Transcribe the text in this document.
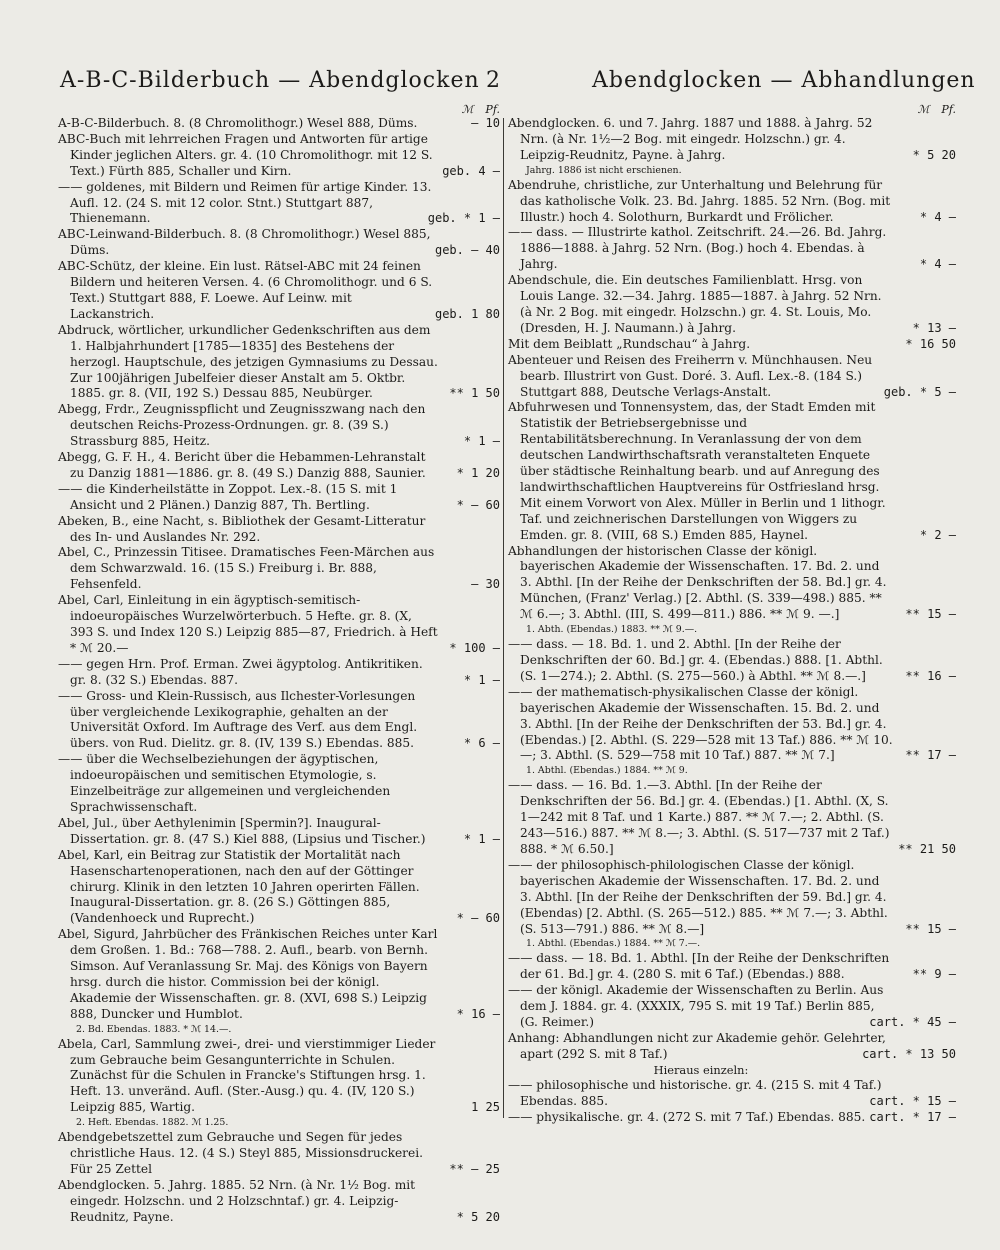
A-B-C-Bilderbuch — Abendglocken 2	Abendglocken — Abhandlungen
ℳ Pf.

A-B-C-Bilderbuch. 8. (8 Chromolithogr.) Wesel 888, Düms.	— 10

ABC-Buch mit lehrreichen Fragen und Antworten für artige Kinder jeglichen Alters. gr. 4. (10 Chromolithogr. mit 12 S. Text.) Fürth 885, Schaller und Kirn.	geb. 4 —

—— goldenes, mit Bildern und Reimen für artige Kinder. 13. Aufl. 12. (24 S. mit 12 color. Stnt.) Stuttgart 887, Thienemann.	geb. * 1 —

ABC-Leinwand-Bilderbuch. 8. (8 Chromolithogr.) Wesel 885, Düms.	geb. — 40

ABC-Schütz, der kleine. Ein lust. Rätsel-ABC mit 24 feinen Bildern und heiteren Versen. 4. (6 Chromolithogr. und 6 S. Text.) Stuttgart 888, F. Loewe. Auf Leinw. mit Lackanstrich.	geb. 1 80

Abdruck, wörtlicher, urkundlicher Gedenkschriften aus dem 1. Halbjahrhundert [1785—1835] des Bestehens der herzogl. Hauptschule, des jetzigen Gymnasiums zu Dessau. Zur 100jährigen Jubelfeier dieser Anstalt am 5. Oktbr. 1885. gr. 8. (VII, 192 S.) Dessau 885, Neubürger.	** 1 50

Abegg, Frdr., Zeugnisspflicht und Zeugnisszwang nach den deutschen Reichs-Prozess-Ordnungen. gr. 8. (39 S.) Strassburg 885, Heitz.	* 1 —

Abegg, G. F. H., 4. Bericht über die Hebammen-Lehranstalt zu Danzig 1881—1886. gr. 8. (49 S.) Danzig 888, Saunier.	* 1 20

—— die Kinderheilstätte in Zoppot. Lex.-8. (15 S. mit 1 Ansicht und 2 Plänen.) Danzig 887, Th. Bertling.	* — 60

Abeken, B., eine Nacht, s. Bibliothek der Gesamt-Litteratur des In- und Auslandes Nr. 292.

Abel, C., Prinzessin Titisee. Dramatisches Feen-Märchen aus dem Schwarzwald. 16. (15 S.) Freiburg i. Br. 888, Fehsenfeld.	— 30

Abel, Carl, Einleitung in ein ägyptisch-semitisch-indoeuropäisches Wurzelwörterbuch. 5 Hefte. gr. 8. (X, 393 S. und Index 120 S.) Leipzig 885—87, Friedrich. à Heft * ℳ 20.—	* 100 —

—— gegen Hrn. Prof. Erman. Zwei ägyptolog. Antikritiken. gr. 8. (32 S.) Ebendas. 887.	* 1 —

—— Gross- und Klein-Russisch, aus Ilchester-Vorlesungen über vergleichende Lexikographie, gehalten an der Universität Oxford. Im Auftrage des Verf. aus dem Engl. übers. von Rud. Dielitz. gr. 8. (IV, 139 S.) Ebendas. 885.	* 6 —

—— über die Wechselbeziehungen der ägyptischen, indoeuropäischen und semitischen Etymologie, s. Einzelbeiträge zur allgemeinen und vergleichenden Sprachwissenschaft.

Abel, Jul., über Aethylenimin [Spermin?]. Inaugural-Dissertation. gr. 8. (47 S.) Kiel 888, (Lipsius und Tischer.)	* 1 —

Abel, Karl, ein Beitrag zur Statistik der Mortalität nach Hasenschartenoperationen, nach den auf der Göttinger chirurg. Klinik in den letzten 10 Jahren operirten Fällen. Inaugural-Dissertation. gr. 8. (26 S.) Göttingen 885, (Vandenhoeck und Ruprecht.)	* — 60

Abel, Sigurd, Jahrbücher des Fränkischen Reiches unter Karl dem Großen. 1. Bd.: 768—788. 2. Aufl., bearb. von Bernh. Simson. Auf Veranlassung Sr. Maj. des Königs von Bayern hrsg. durch die histor. Commission bei der königl. Akademie der Wissenschaften. gr. 8. (XVI, 698 S.) Leipzig 888, Duncker und Humblot.	* 16 —

2. Bd. Ebendas. 1883. * ℳ 14.—.

Abela, Carl, Sammlung zwei-, drei- und vierstimmiger Lieder zum Gebrauche beim Gesangunterrichte in Schulen. Zunächst für die Schulen in Francke's Stiftungen hrsg. 1. Heft. 13. unveränd. Aufl. (Ster.-Ausg.) qu. 4. (IV, 120 S.) Leipzig 885, Wartig.	1 25

2. Heft. Ebendas. 1882. ℳ 1.25.

Abendgebetszettel zum Gebrauche und Segen für jedes christliche Haus. 12. (4 S.) Steyl 885, Missionsdruckerei. Für 25 Zettel	** — 25

Abendglocken. 5. Jahrg. 1885. 52 Nrn. (à Nr. 1½ Bog. mit eingedr. Holzschn. und 2 Holzschntaf.) gr. 4. Leipzig-Reudnitz, Payne.	* 5 20

ℳ Pf.

Abendglocken. 6. und 7. Jahrg. 1887 und 1888. à Jahrg. 52 Nrn. (à Nr. 1½—2 Bog. mit eingedr. Holzschn.) gr. 4. Leipzig-Reudnitz, Payne. à Jahrg.	* 5 20

Jahrg. 1886 ist nicht erschienen.

Abendruhe, christliche, zur Unterhaltung und Belehrung für das katholische Volk. 23. Bd. Jahrg. 1885. 52 Nrn. (Bog. mit Illustr.) hoch 4. Solothurn, Burkardt und Frölicher.	* 4 —

—— dass. — Illustrirte kathol. Zeitschrift. 24.—26. Bd. Jahrg. 1886—1888. à Jahrg. 52 Nrn. (Bog.) hoch 4. Ebendas. à Jahrg.	* 4 —

Abendschule, die. Ein deutsches Familienblatt. Hrsg. von Louis Lange. 32.—34. Jahrg. 1885—1887. à Jahrg. 52 Nrn. (à Nr. 2 Bog. mit eingedr. Holzschn.) gr. 4. St. Louis, Mo. (Dresden, H. J. Naumann.) à Jahrg.	* 13 —

Mit dem Beiblatt „Rundschau“ à Jahrg.	* 16 50

Abenteuer und Reisen des Freiherrn v. Münchhausen. Neu bearb. Illustrirt von Gust. Doré. 3. Aufl. Lex.-8. (184 S.) Stuttgart 888, Deutsche Verlags-Anstalt.	geb. * 5 —

Abfuhrwesen und Tonnensystem, das, der Stadt Emden mit Statistik der Betriebsergebnisse und Rentabilitätsberechnung. In Veranlassung der von dem deutschen Landwirthschaftsrath veranstalteten Enquete über städtische Reinhaltung bearb. und auf Anregung des landwirthschaftlichen Hauptvereins für Ostfriesland hrsg. Mit einem Vorwort von Alex. Müller in Berlin und 1 lithogr. Taf. und zeichnerischen Darstellungen von Wiggers zu Emden. gr. 8. (VIII, 68 S.) Emden 885, Haynel.	* 2 —

Abhandlungen der historischen Classe der königl. bayerischen Akademie der Wissenschaften. 17. Bd. 2. und 3. Abthl. [In der Reihe der Denkschriften der 58. Bd.] gr. 4. München, (Franz' Verlag.) [2. Abthl. (S. 339—498.) 885. ** ℳ 6.—; 3. Abthl. (III, S. 499—811.) 886. ** ℳ 9. —.]	** 15 —

1. Abth. (Ebendas.) 1883. ** ℳ 9.—.

—— dass. — 18. Bd. 1. und 2. Abthl. [In der Reihe der Denkschriften der 60. Bd.] gr. 4. (Ebendas.) 888. [1. Abthl. (S. 1—274.); 2. Abthl. (S. 275—560.) à Abthl. ** ℳ 8.—.]	** 16 —

—— der mathematisch-physikalischen Classe der königl. bayerischen Akademie der Wissenschaften. 15. Bd. 2. und 3. Abthl. [In der Reihe der Denkschriften der 53. Bd.] gr. 4. (Ebendas.) [2. Abthl. (S. 229—528 mit 13 Taf.) 886. ** ℳ 10.—; 3. Abthl. (S. 529—758 mit 10 Taf.) 887. ** ℳ 7.]	** 17 —

1. Abthl. (Ebendas.) 1884. ** ℳ 9.

—— dass. — 16. Bd. 1.—3. Abthl. [In der Reihe der Denkschriften der 56. Bd.] gr. 4. (Ebendas.) [1. Abthl. (X, S. 1—242 mit 8 Taf. und 1 Karte.) 887. ** ℳ 7.—; 2. Abthl. (S. 243—516.) 887. ** ℳ 8.—; 3. Abthl. (S. 517—737 mit 2 Taf.) 888. * ℳ 6.50.]	** 21 50

—— der philosophisch-philologischen Classe der königl. bayerischen Akademie der Wissenschaften. 17. Bd. 2. und 3. Abthl. [In der Reihe der Denkschriften der 59. Bd.] gr. 4. (Ebendas) [2. Abthl. (S. 265—512.) 885. ** ℳ 7.—; 3. Abthl. (S. 513—791.) 886. ** ℳ 8.—]	** 15 —

1. Abthl. (Ebendas.) 1884. ** ℳ 7.—.

—— dass. — 18. Bd. 1. Abthl. [In der Reihe der Denkschriften der 61. Bd.] gr. 4. (280 S. mit 6 Taf.) (Ebendas.) 888.	** 9 —

—— der königl. Akademie der Wissenschaften zu Berlin. Aus dem J. 1884. gr. 4. (XXXIX, 795 S. mit 19 Taf.) Berlin 885, (G. Reimer.)	cart. * 45 —

Anhang: Abhandlungen nicht zur Akademie gehör. Gelehrter, apart (292 S. mit 8 Taf.)	cart. * 13 50

Hieraus einzeln:

—— philosophische und historische. gr. 4. (215 S. mit 4 Taf.) Ebendas. 885.	cart. * 15 —

—— physikalische. gr. 4. (272 S. mit 7 Taf.) Ebendas. 885. cart. * 17 —
